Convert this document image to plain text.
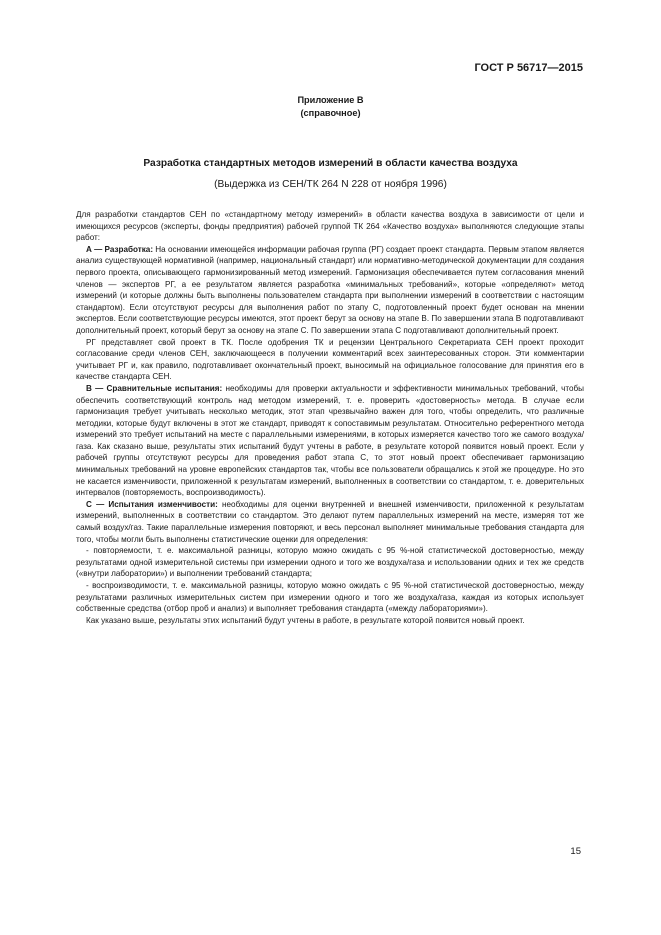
ГОСТ Р 56717—2015
Приложение В
(справочное)
Разработка стандартных методов измерений в области качества воздуха
(Выдержка из СЕН/ТК 264 N 228 от ноября 1996)

Для разработки стандартов СЕН по «стандартному методу измерений» в области качества воздуха в зависимости от цели и имеющихся ресурсов (эксперты, фонды предприятия) рабочей группой ТК 264 «Качество воздуха» выполняются следующие этапы работ:

А — Разработка: На основании имеющейся информации рабочая группа (РГ) создает проект стандарта. Первым этапом является анализ существующей нормативной (например, национальный стандарт) или нормативно-методической документации для создания первого проекта, описывающего гармонизированный метод измерений. Гармонизация обеспечивается путем согласования мнений членов — экспертов РГ, а ее результатом является разработка «минимальных требований», которые «определяют» метод измерений (и которые должны быть выполнены пользователем стандарта при выполнении измерений в соответствии с настоящим стандартом). Если отсутствуют ресурсы для выполнения работ по этапу С, подготовленный проект будет основан на мнении экспертов. Если соответствующие ресурсы имеются, этот проект берут за основу на этапе В. По завершении этапа В подготавливают дополнительный проект, который берут за основу на этапе С. По завершении этапа С подготавливают дополнительный проект.

РГ представляет свой проект в ТК. После одобрения ТК и рецензии Центрального Секретариата СЕН проект проходит согласование среди членов СЕН, заключающееся в получении комментарий всех заинтересованных сторон. Эти комментарии учитывает РГ и, как правило, подготавливает окончательный проект, выносимый на официальное голосование для принятия его в качестве стандарта СЕН.

В — Сравнительные испытания: необходимы для проверки актуальности и эффективности минимальных требований, чтобы обеспечить соответствующий контроль над методом измерений, т. е. проверить «достоверность» метода. В случае если гармонизация требует учитывать несколько методик, этот этап чрезвычайно важен для того, чтобы определить, что различные методики, которые будут включены в этот же стандарт, приводят к сопоставимым результатам. Относительно референтного метода измерений это требует испытаний на месте с параллельными измерениями, в которых измеряется качество того же самого воздуха/газа. Как сказано выше, результаты этих испытаний будут учтены в работе, в результате которой появится новый проект. Если у рабочей группы отсутствуют ресурсы для проведения работ этапа С, то этот новый проект обеспечивает гармонизацию минимальных требований на уровне европейских стандартов так, чтобы все пользователи обращались к этой же процедуре. Но это не касается изменчивости, приложенной к результатам измерений, выполненных в соответствии со стандартом, т. е. доверительных интервалов (повторяемость, воспроизводимость).

С — Испытания изменчивости: необходимы для оценки внутренней и внешней изменчивости, приложенной к результатам измерений, выполненных в соответствии со стандартом. Это делают путем параллельных измерений на месте, измеряя тот же самый воздух/газ. Такие параллельные измерения повторяют, и весь персонал выполняет минимальные требования стандарта для того, чтобы могли быть выполнены статистические оценки для определения:

- повторяемости, т. е. максимальной разницы, которую можно ожидать с 95 %-ной статистической достоверностью, между результатами одной измерительной системы при измерении одного и того же воздуха/газа и использовании одних и тех же средств («внутри лаборатории») и выполнении требований стандарта;

- воспроизводимости, т. е. максимальной разницы, которую можно ожидать с 95 %-ной статистической достоверностью, между результатами различных измерительных систем при измерении одного и того же воздуха/газа, каждая из которых использует собственные средства (отбор проб и анализ) и выполняет требования стандарта («между лабораториями»).

Как указано выше, результаты этих испытаний будут учтены в работе, в результате которой появится новый проект.

15
